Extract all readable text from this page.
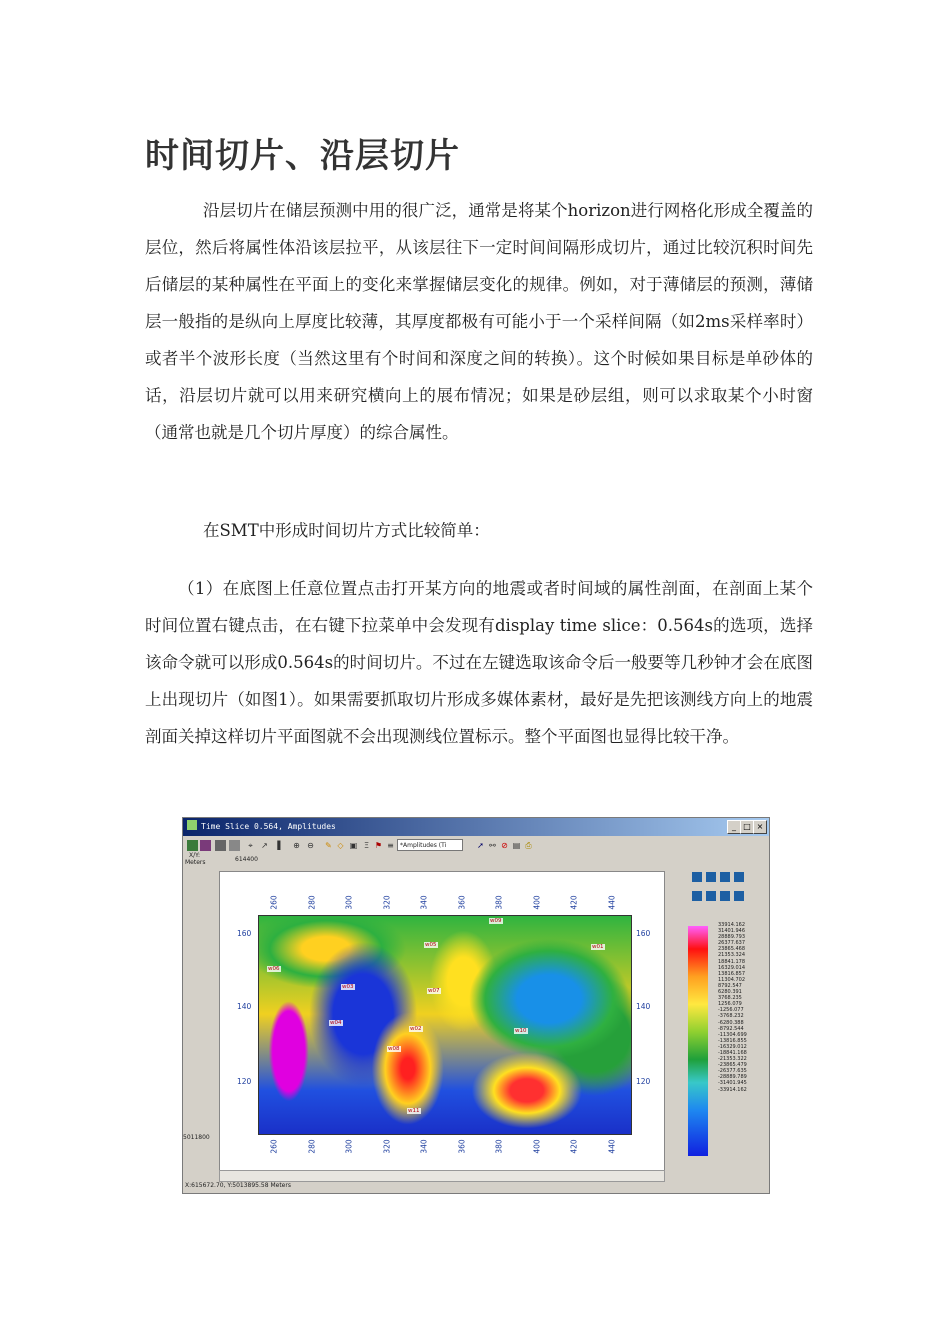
时间切片、沿层切片

沿层切片在储层预测中用的很广泛，通常是将某个horizon进行网格化形成全覆盖的层位，然后将属性体沿该层拉平，从该层往下一定时间间隔形成切片，通过比较沉积时间先后储层的某种属性在平面上的变化来掌握储层变化的规律。例如，对于薄储层的预测，薄储层一般指的是纵向上厚度比较薄，其厚度都极有可能小于一个采样间隔（如2ms采样率时）或者半个波形长度（当然这里有个时间和深度之间的转换）。这个时候如果目标是单砂体的话，沿层切片就可以用来研究横向上的展布情况；如果是砂层组，则可以求取某个小时窗（通常也就是几个切片厚度）的综合属性。

在SMT中形成时间切片方式比较简单：

（1）在底图上任意位置点击打开某方向的地震或者时间域的属性剖面，在剖面上某个时间位置右键点击，在右键下拉菜单中会发现有display time slice：0.564s的选项，选择该命令就可以形成0.564s的时间切片。不过在左键选取该命令后一般要等几秒钟才会在底图上出现切片（如图1）。如果需要抓取切片形成多媒体素材，最好是先把该测线方向上的地震剖面关掉这样切片平面图就不会出现测线位置标示。整个平面图也显得比较干净。

Time Slice 0.564, Amplitudes	_ □ ×
⌖	↗	▌	⊕ ⊖ ✎ ◇ ▣ Ξ ⚑ ≡	*Amplitudes (Ti	➚ ⚯ ⊘ ▤ ⎙
X/Y:
Meters	614400
5011800
260	280	300	320	340	360	380	400	420	440
260	280	300	320	340	360	380	400	420	440
160
140
120
160
140
120
w09
w05	w01
w06
w03
w07
w04
w02	w10
w08
w11

33914.162
31401.946
28889.793
26377.637
23865.468
21353.324
18841.178
16329.014
13816.857
11304.702
8792.547
6280.391
3768.235
1256.079
-1256.077
-3768.232
-6280.388
-8792.544
-11304.699
-13816.855
-16329.012
-18841.168
-21353.322
-23865.479
-26377.635
-28889.789
-31401.945
-33914.162
X:615672.70, Y:5013895.58 Meters
